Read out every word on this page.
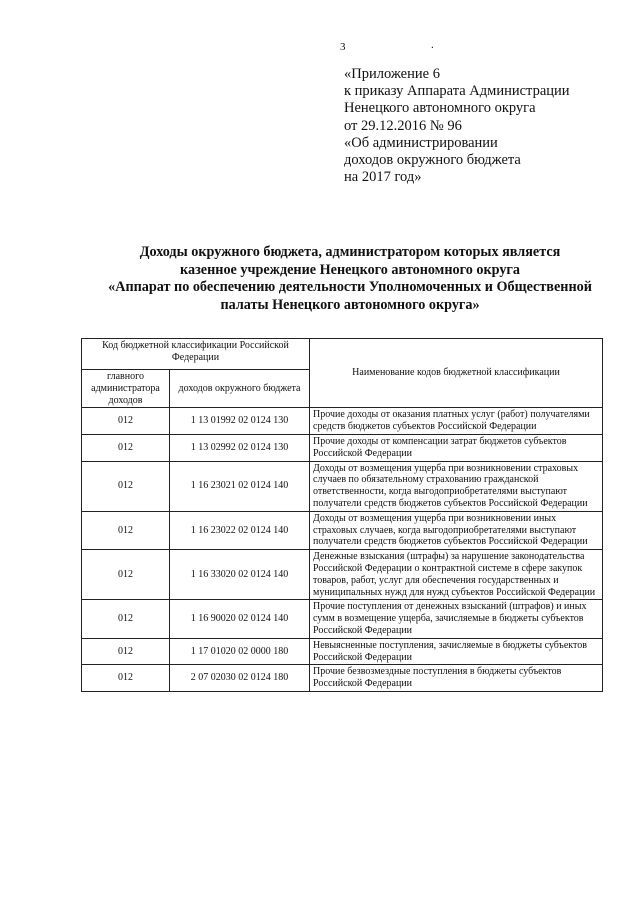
3	.
«Приложение 6
к приказу Аппарата Администрации
Ненецкого автономного округа
от 29.12.2016 № 96
«Об администрировании
доходов окружного бюджета
на 2017 год»
Доходы окружного бюджета, администратором которых является
казенное учреждение Ненецкого автономного округа
«Аппарат по обеспечению деятельности Уполномоченных и Общественной
палаты Ненецкого автономного округа»
Код бюджетной классификации Российской Федерации		Наименование кодов бюджетной классификации
главного администратора доходов	доходов окружного бюджета	
012	1 13 01992 02 0124 130	Прочие доходы от оказания платных услуг (работ) получателями средств бюджетов субъектов Российской Федерации
012	1 13 02992 02 0124 130	Прочие доходы от компенсации затрат бюджетов субъектов Российской Федерации
012	1 16 23021 02 0124 140	Доходы от возмещения ущерба при возникновении страховых случаев по обязательному страхованию гражданской ответственности, когда выгодоприобретателями выступают получатели средств бюджетов субъектов Российской Федерации
012	1 16 23022 02 0124 140	Доходы от возмещения ущерба при возникновении иных страховых случаев, когда выгодоприобретателями выступают получатели средств бюджетов субъектов Российской Федерации
012	1 16 33020 02 0124 140	Денежные взыскания (штрафы) за нарушение законодательства Российской Федерации о контрактной системе в сфере закупок товаров, работ, услуг для обеспечения государственных и муниципальных нужд для нужд субъектов Российской Федерации
012	1 16 90020 02 0124 140	Прочие поступления от денежных взысканий (штрафов) и иных сумм в возмещение ущерба, зачисляемые в бюджеты субъектов Российской Федерации
012	1 17 01020 02 0000 180	Невыясненные поступления, зачисляемые в бюджеты субъектов Российской Федерации
012	2 07 02030 02 0124 180	Прочие безвозмездные поступления в бюджеты субъектов Российской Федерации
